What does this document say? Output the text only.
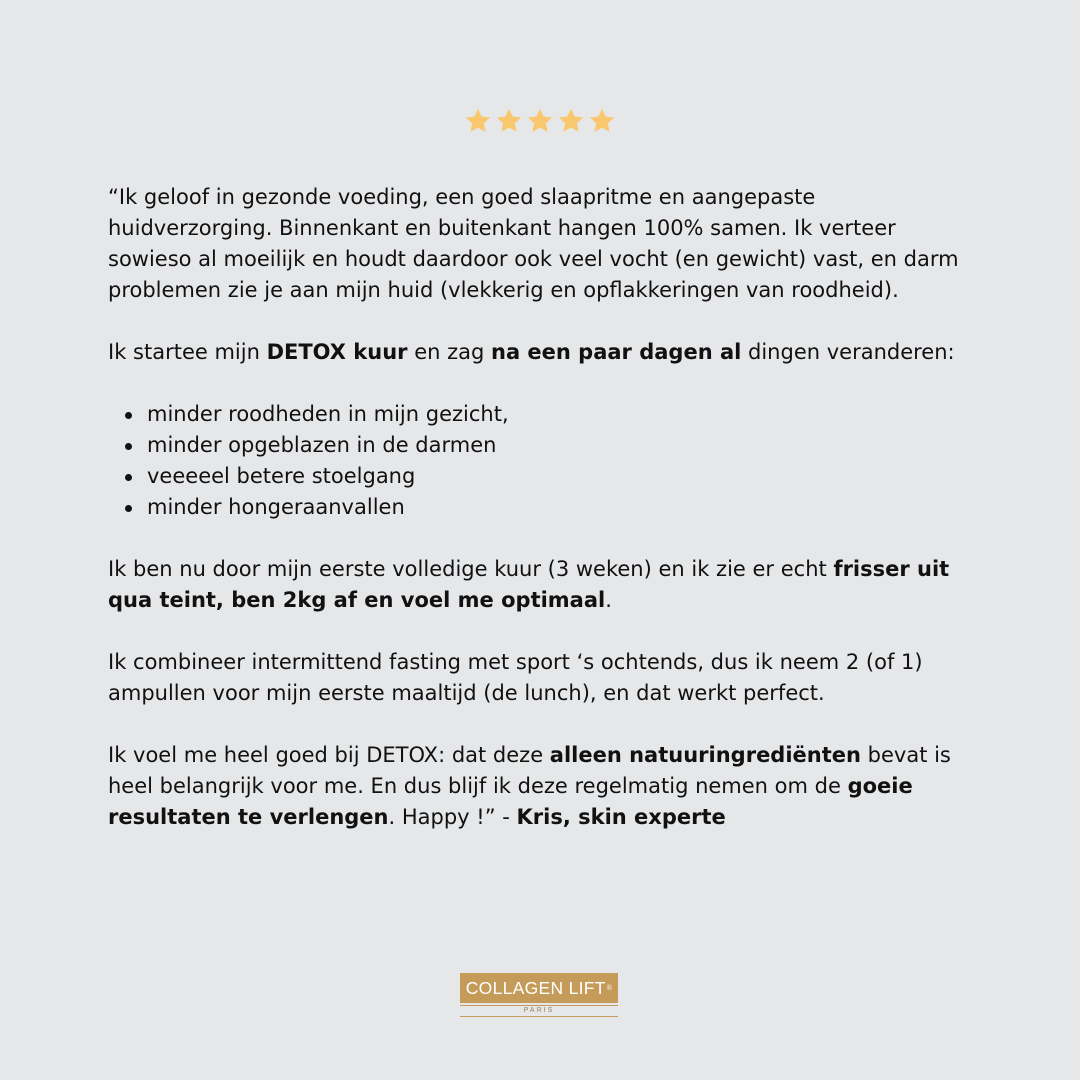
“Ik geloof in gezonde voeding, een goed slaapritme en aangepaste huidverzorging. Binnenkant en buitenkant hangen 100% samen. Ik verteer sowieso al moeilijk en houdt daardoor ook veel vocht (en gewicht) vast, en darm problemen zie je aan mijn huid (vlekkerig en opflakkeringen van roodheid).

Ik startee mijn DETOX kuur en zag na een paar dagen al dingen veranderen:

minder roodheden in mijn gezicht,
minder opgeblazen in de darmen
veeeeel betere stoelgang
minder hongeraanvallen

Ik ben nu door mijn eerste volledige kuur (3 weken) en ik zie er echt frisser uit qua teint, ben 2kg af en voel me optimaal.

Ik combineer intermittend fasting met sport ‘s ochtends, dus ik neem 2 (of 1) ampullen voor mijn eerste maaltijd (de lunch), en dat werkt perfect.

Ik voel me heel goed bij DETOX: dat deze alleen natuuringrediënten bevat is heel belangrijk voor me. En dus blijf ik deze regelmatig nemen om de goeie resultaten te verlengen. Happy !” - Kris, skin experte

COLLAGEN LIFT ®
PARIS
